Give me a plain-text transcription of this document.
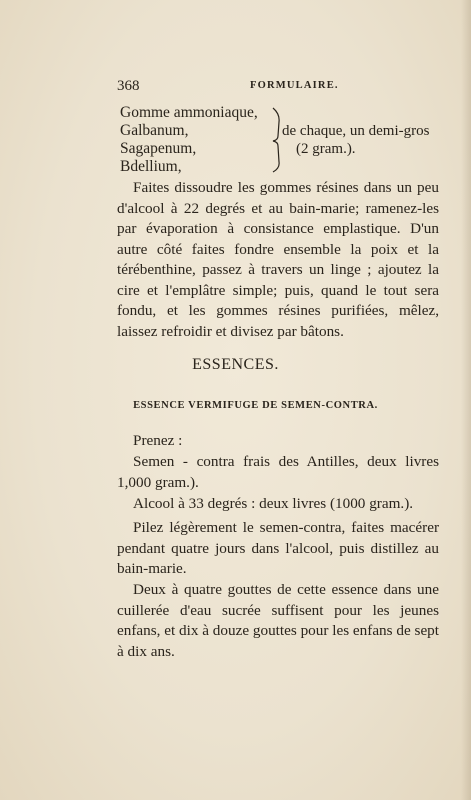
368	FORMULAIRE.
Gomme ammoniaque,
Galbanum,
Sagapenum,
Bdellium,
de chaque, un demi-gros
(2 gram.).

Faites dissoudre les gommes résines dans un peu d'alcool à 22 degrés et au bain-marie; ramenez-les par évaporation à consistance emplastique. D'un autre côté faites fondre ensemble la poix et la térébenthine, passez à travers un linge ; ajoutez la cire et l'emplâtre simple; puis, quand le tout sera fondu, et les gommes résines purifiées, mêlez, laissez refroidir et divisez par bâtons.

ESSENCES.
ESSENCE VERMIFUGE DE SEMEN-CONTRA.

Prenez :

Semen - contra frais des Antilles, deux livres 1,000 gram.).

Alcool à 33 degrés : deux livres (1000 gram.).

Pilez légèrement le semen-contra, faites macérer pendant quatre jours dans l'alcool, puis distillez au bain-marie.

Deux à quatre gouttes de cette essence dans une cuillerée d'eau sucrée suffisent pour les jeunes enfans, et dix à douze gouttes pour les enfans de sept à dix ans.
